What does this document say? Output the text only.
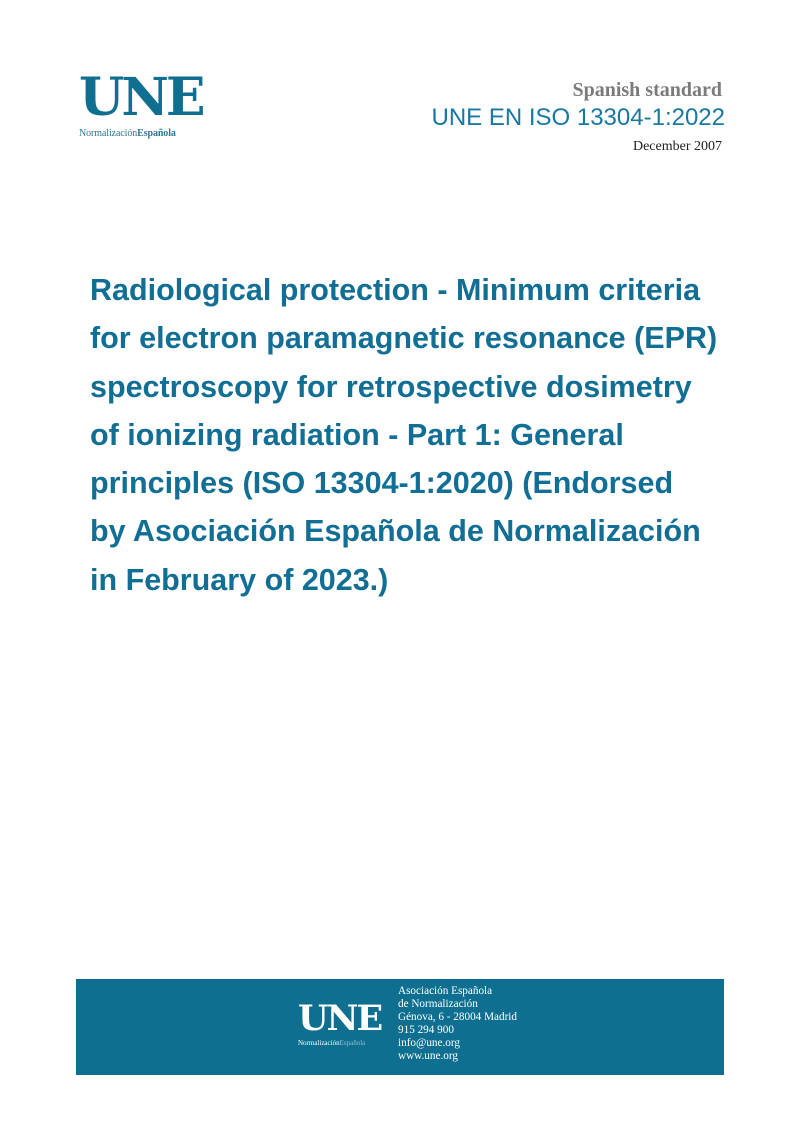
UNE
NormalizaciónEspañola
Spanish standard
UNE EN ISO 13304-1:2022
December 2007
Radiological protection - Minimum criteria
for electron paramagnetic resonance (EPR)
spectroscopy for retrospective dosimetry
of ionizing radiation - Part 1: General
principles (ISO 13304-1:2020) (Endorsed
by Asociación Española de Normalización
in February of 2023.)
UNE
NormalizaciónEspañola
Asociación Española
de Normalización
Génova, 6 - 28004 Madrid
915 294 900
info@une.org
www.une.org
